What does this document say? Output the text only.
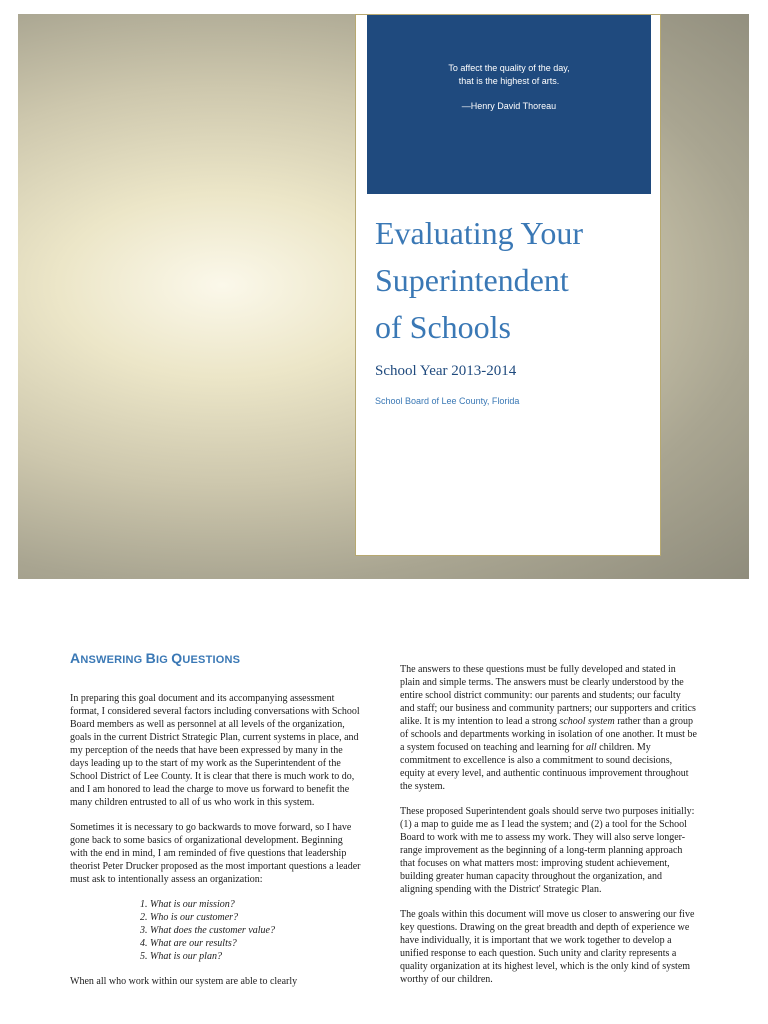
To affect the quality of the day,
that is the highest of arts.
—Henry David Thoreau
Evaluating Your
Superintendent
of Schools
School Year 2013-2014
School Board of Lee County, Florida
ANSWERING BIG QUESTIONS

In preparing this goal document and its accompanying assessment format, I considered several factors including conversations with School Board members as well as personnel at all levels of the organization, goals in the current District Strategic Plan, current systems in place, and my perception of the needs that have been expressed by many in the days leading up to the start of my work as the Superintendent of the School District of Lee County. It is clear that there is much work to do, and I am honored to lead the charge to move us forward to benefit the many children entrusted to all of us who work in this system.

Sometimes it is necessary to go backwards to move forward, so I have gone back to some basics of organizational development. Beginning with the end in mind, I am reminded of five questions that leadership theorist Peter Drucker proposed as the most important questions a leader must ask to intentionally assess an organization:

1. What is our mission?
2. Who is our customer?
3. What does the customer value?
4. What are our results?
5. What is our plan?

When all who work within our system are able to clearly

The answers to these questions must be fully developed and stated in plain and simple terms. The answers must be clearly understood by the entire school district community: our parents and students; our faculty and staff; our business and community partners; our supporters and critics alike. It is my intention to lead a strong school system rather than a group of schools and departments working in isolation of one another. It must be a system focused on teaching and learning for all children. My commitment to excellence is also a commitment to sound decisions, equity at every level, and authentic continuous improvement throughout the system.

These proposed Superintendent goals should serve two purposes initially: (1) a map to guide me as I lead the system; and (2) a tool for the School Board to work with me to assess my work. They will also serve longer-range improvement as the beginning of a long-term planning approach that focuses on what matters most: improving student achievement, building greater human capacity throughout the organization, and aligning spending with the District' Strategic Plan.

The goals within this document will move us closer to answering our five key questions. Drawing on the great breadth and depth of experience we have individually, it is important that we work together to develop a unified response to each question. Such unity and clarity represents a quality organization at its highest level, which is the only kind of system worthy of our children.
